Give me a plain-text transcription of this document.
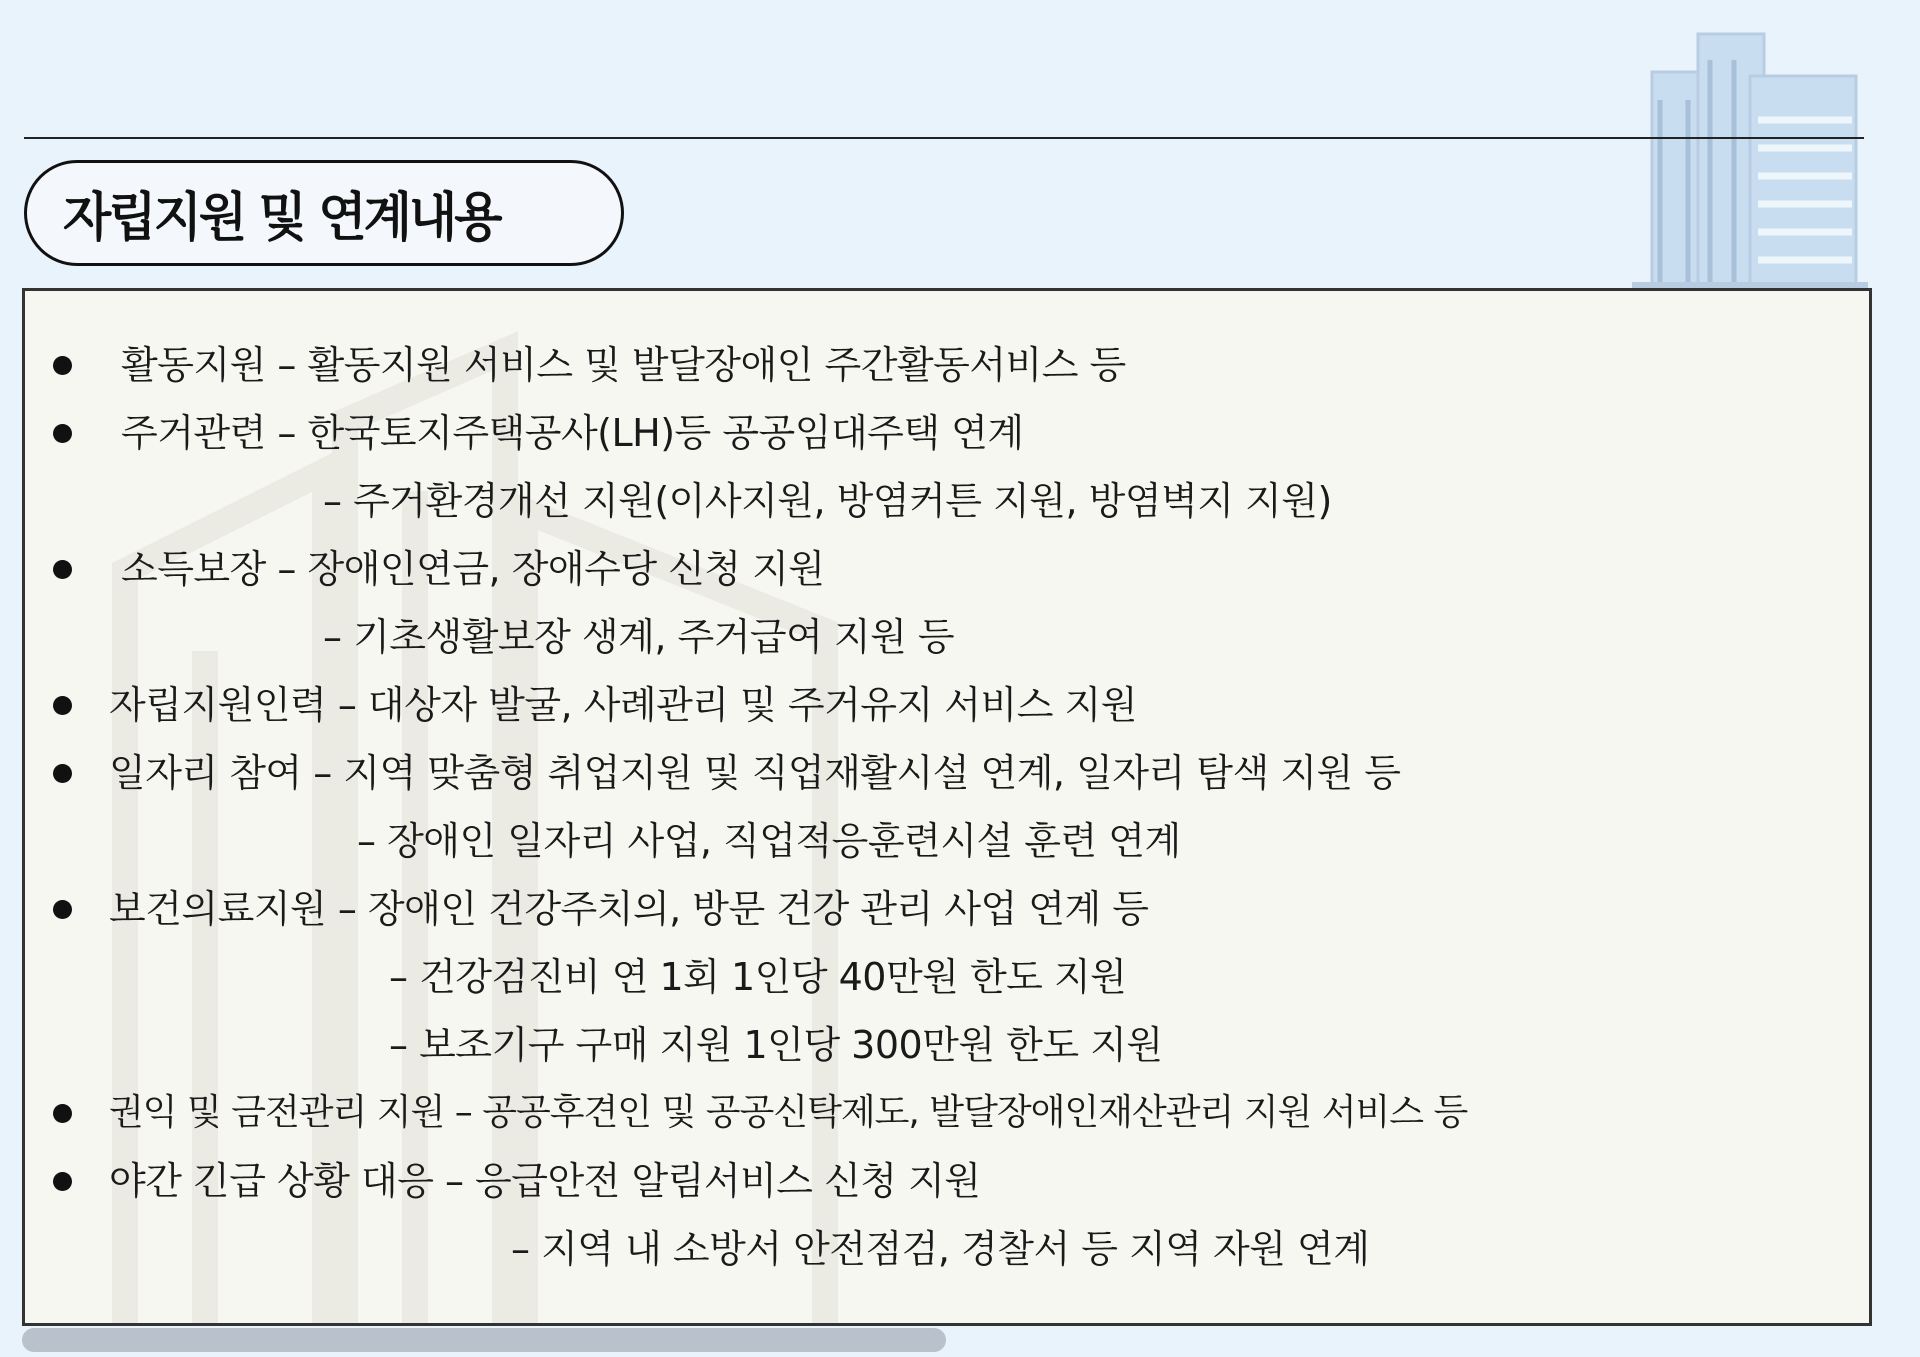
자립지원 및 연계내용
활동지원 – 활동지원 서비스 및 발달장애인 주간활동서비스 등
주거관련 – 한국토지주택공사(LH)등 공공임대주택 연계
– 주거환경개선 지원(이사지원, 방염커튼 지원, 방염벽지 지원)
소득보장 – 장애인연금, 장애수당 신청 지원
– 기초생활보장 생계, 주거급여 지원 등
자립지원인력 – 대상자 발굴, 사례관리 및 주거유지 서비스 지원
일자리 참여 – 지역 맞춤형 취업지원 및 직업재활시설 연계, 일자리 탐색 지원 등
– 장애인 일자리 사업, 직업적응훈련시설 훈련 연계
보건의료지원 – 장애인 건강주치의, 방문 건강 관리 사업 연계 등
– 건강검진비 연 1회 1인당 40만원 한도 지원
– 보조기구 구매 지원 1인당 300만원 한도 지원
권익 및 금전관리 지원 – 공공후견인 및 공공신탁제도, 발달장애인재산관리 지원 서비스 등
야간 긴급 상황 대응 – 응급안전 알림서비스 신청 지원
– 지역 내 소방서 안전점검, 경찰서 등 지역 자원 연계
